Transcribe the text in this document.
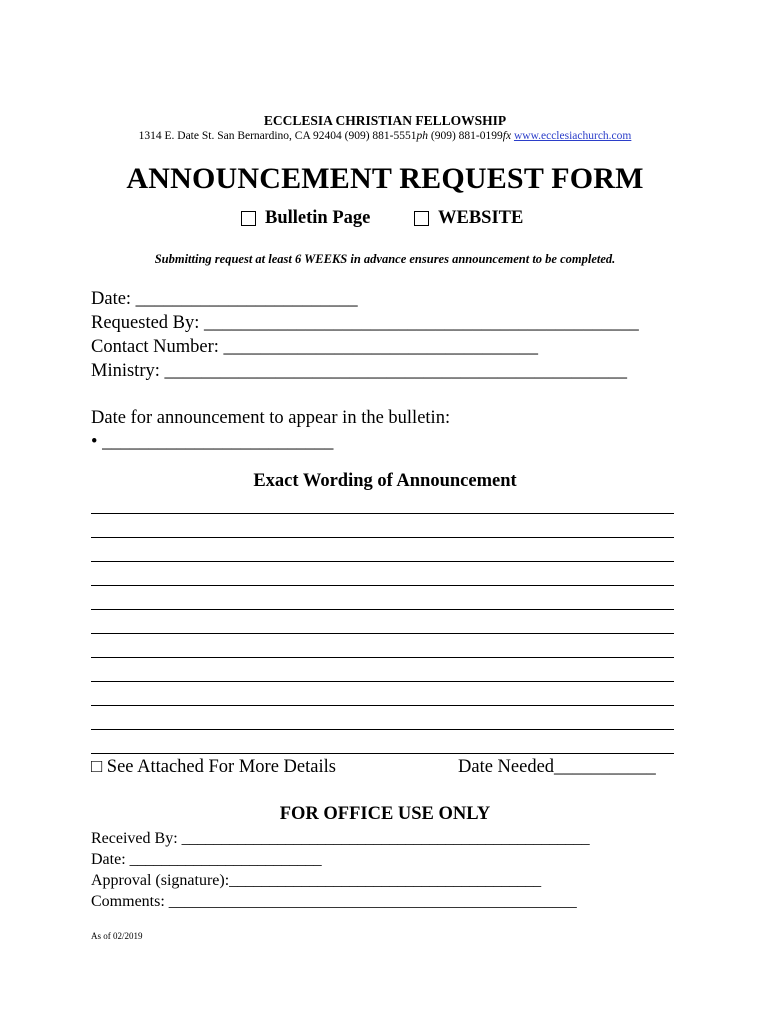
ECCLESIA CHRISTIAN FELLOWSHIP
1314 E. Date St. San Bernardino, CA 92404 (909) 881-5551ph (909) 881-0199fx www.ecclesiachurch.com
ANNOUNCEMENT REQUEST FORM
Bulletin Page	WEBSITE
Submitting request at least 6 WEEKS in advance ensures announcement to be completed.
Date: ________________________
Requested By: _______________________________________________
Contact Number: __________________________________
Ministry: __________________________________________________
Date for announcement to appear in the bulletin:
• _________________________
Exact Wording of Announcement
□ See Attached For More Details	Date Needed___________
FOR OFFICE USE ONLY
Received By: ___________________________________________________
Date: ________________________
Approval (signature):_______________________________________
Comments: ___________________________________________________
As of 02/2019
